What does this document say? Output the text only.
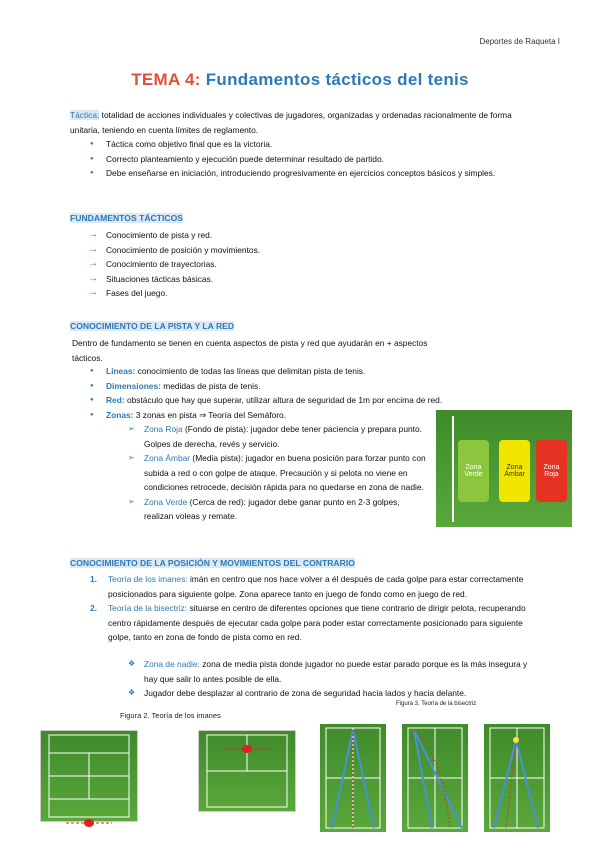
Deportes de Raqueta I
TEMA 4: Fundamentos tácticos del tenis
Táctica: totalidad de acciones individuales y colectivas de jugadores, organizadas y ordenadas racionalmente de forma unitaria, teniendo en cuenta límites de reglamento.
● Táctica como objetivo final que es la victoria.
● Correcto planteamiento y ejecución puede determinar resultado de partido.
● Debe enseñarse en iniciación, introduciendo progresivamente en ejercicios conceptos básicos y simples.
FUNDAMENTOS TÁCTICOS
→ Conocimiento de pista y red.
→ Conocimiento de posición y movimientos.
→ Conocimiento de trayectorias.
→ Situaciones tácticas básicas.
→ Fases del juego.
CONOCIMIENTO DE LA PISTA Y LA RED
Dentro de fundamento se tienen en cuenta aspectos de pista y red que ayudarán en + aspectos tácticos.
● Líneas: conocimiento de todas las líneas que delimitan pista de tenis.
● Dimensiones: medidas de pista de tenis.
● Red: obstáculo que hay que superar, utilizar altura de seguridad de 1m por encima de red.
● Zonas: 3 zonas en pista ⇒ Teoría del Semáforo.
➢ Zona Roja (Fondo de pista): jugador debe tener paciencia y prepara punto. Golpes de derecha, revés y servicio.
➢ Zona Ámbar (Media pista): jugador en buena posición para forzar punto con subida a red o con golpe de ataque. Precaución y si pelota no viene en condiciones retrocede, decisión rápida para no quedarse en zona de nadie.
➢ Zona Verde (Cerca de red): jugador debe ganar punto en 2-3 golpes, realizan voleas y remate.
Zona Verde
Zona Ámbar
Zona Roja
CONOCIMIENTO DE LA POSICIÓN Y MOVIMIENTOS DEL CONTRARIO
1. Teoría de los imanes: imán en centro que nos hace volver a él después de cada golpe para estar correctamente posicionados para siguiente golpe. Zona aparece tanto en juego de fondo como en juego de red.
2. Teoría de la bisectriz: situarse en centro de diferentes opciones que tiene contrario de dirigir pelota, recuperando centro rápidamente después de ejecutar cada golpe para poder estar correctamente posicionado para siguiente golpe, tanto en zona de fondo de pista como en red.
❖ Zona de nadie: zona de media pista donde jugador no puede estar parado porque es la más insegura y hay que salir lo antes posible de ella.
❖ Jugador debe desplazar al contrario de zona de seguridad hacia lados y hacia delante.
Figura 2. Teoría de los imanes
Figura 3. Teoría de la bisectriz
